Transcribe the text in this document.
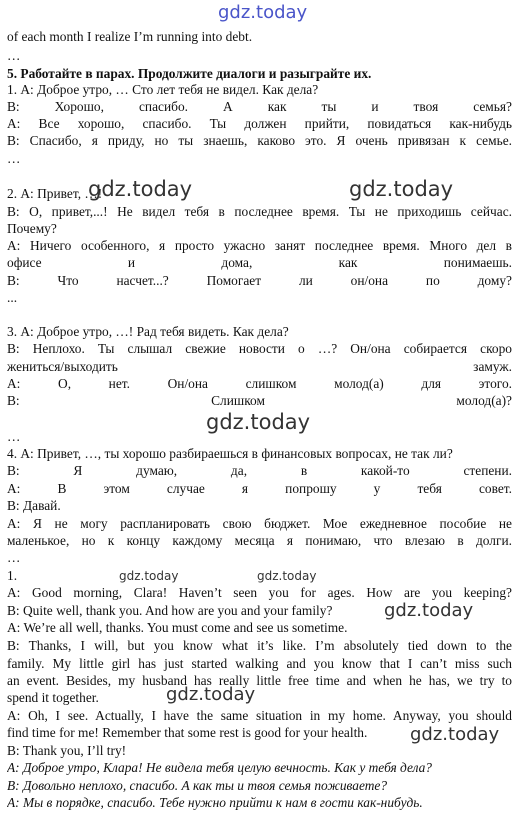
gdz.today
gdz.today	gdz.today
gdz.today
gdz.today	gdz.today
gdz.today
gdz.today
gdz.today
of each month I realize I’m running into debt.
…
5. Работайте в парах. Продолжите диалоги и разыграйте их.
1. А: Доброе утро, … Сто лет тебя не видел. Как дела?
В: Хорошо, спасибо. А как ты и твоя семья?
А: Все хорошо, спасибо. Ты должен прийти, повидаться как-нибудь
В: Спасибо, я приду, но ты знаешь, каково это. Я очень привязан к семье.
…
2. А: Привет, …!
В: О, привет,...! Не видел тебя в последнее время. Ты не приходишь сейчас.
Почему?
А: Ничего особенного, я просто ужасно занят последнее время. Много дел в
офисе и дома, как понимаешь.
В: Что насчет...? Помогает ли он/она по дому?
...
3. А: Доброе утро, …! Рад тебя видеть. Как дела?
В: Неплохо. Ты слышал свежие новости о …? Он/она собирается скоро
жениться/выходить замуж.
А: О, нет. Он/она слишком молод(а) для этого.
В: Слишком молод(а)?
…
4. А: Привет, …, ты хорошо разбираешься в финансовых вопросах, не так ли?
В: Я думаю, да, в какой-то степени.
А: В этом случае я попрошу у тебя совет.
В: Давай.
А: Я не могу распланировать свою бюджет. Мое ежедневное пособие не
маленькое, но к концу каждому месяца я понимаю, что влезаю в долги.
…
1.
A: Good morning, Clara! Haven’t seen you for ages. How are you keeping?
B: Quite well, thank you. And how are you and your family?
A: We’re all well, thanks. You must come and see us sometime.
B: Thanks, I will, but you know what it’s like. I’m absolutely tied down to the
family. My little girl has just started walking and you know that I can’t miss such
an event. Besides, my husband has really little free time and when he has, we try to
spend it together.
A: Oh, I see. Actually, I have the same situation in my home. Anyway, you should
find time for me! Remember that some rest is good for your health.
B: Thank you, I’ll try!
А: Доброе утро, Клара! Не видела тебя целую вечность. Как у тебя дела?
В: Довольно неплохо, спасибо. А как ты и твоя семья поживаете?
А: Мы в порядке, спасибо. Тебе нужно прийти к нам в гости как-нибудь.
